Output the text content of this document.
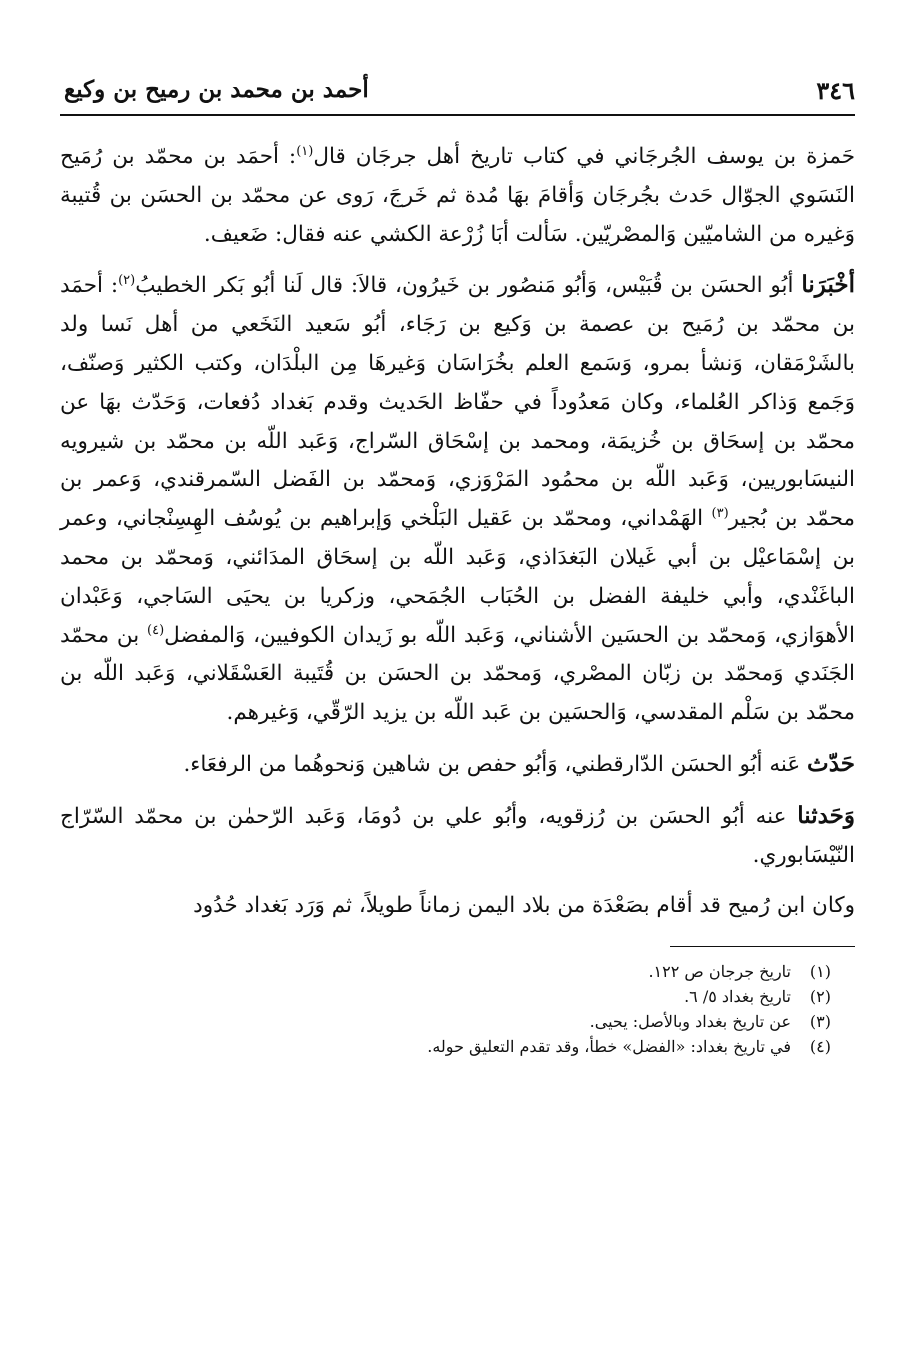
٣٤٦
أحمد بن محمد بن رميح بن وكيع

حَمزة بن يوسف الجُرجَاني في كتاب تاريخ أهل جرجَان قال$^{(١)}$: أحمَد بن محمّد بن رُمَيح النَسَوي الجوّال حَدث بجُرجَان وَأقامَ بهَا مُدة ثم خَرجَ، رَوى عن محمّد بن الحسَن بن قُتيبة وَغيره من الشاميّين وَالمصْريّين. سَألت أبَا زُرْعة الكشي عنه فقال: ضَعيف.

أخْبَرَنا أبُو الحسَن بن قُبَيْس، وَأبُو مَنصُور بن خَيرُون، قالاَ: قال لَنا أبُو بَكر الخطيبُ$^{(٢)}$: أحمَد بن محمّد بن رُمَيح بن عصمة بن وَكيع بن رَجَاء، أبُو سَعيد النَخَعي من أهل نَسا ولد بالشَرْمَقان، وَنشأ بمرو، وَسَمع العلم بخُرَاسَان وَغيرهَا مِن البلْدَان، وكتب الكثير وَصنّف، وَجَمع وَذاكر العُلماء، وكان مَعدُوداً في حفّاظ الحَديث وقدم بَغداد دُفعات، وَحَدّث بهَا عن محمّد بن إسحَاق بن خُزيمَة، ومحمد بن إسْحَاق السّراج، وَعَبد اللّه بن محمّد بن شيرويه النيسَابوريين، وَعَبد اللّه بن محمُود المَرْوَزي، وَمحمّد بن الفَضل السّمرقندي، وَعمر بن محمّد بن بُجير$^{(٣)}$ الهَمْداني، ومحمّد بن عَقيل البَلْخي وَإبراهيم بن يُوسُف الهِسِنْجاني، وعمر بن إسْمَاعيْل بن أبي غَيلان البَغدَاذي، وَعَبد اللّه بن إسحَاق المدَائني، وَمحمّد بن محمد الباغَنْدي، وأبي خليفة الفضل بن الحُبَاب الجُمَحي، وزكريا بن يحيَى السَاجي، وَعَبْدان الأهوَازي، وَمحمّد بن الحسَين الأشناني، وَعَبد اللّه بو زَيدان الكوفيين، وَالمفضل$^{(٤)}$ بن محمّد الجَنَدي وَمحمّد بن زبّان المصْري، وَمحمّد بن الحسَن بن قُتَيبة العَسْقَلاني، وَعَبد اللّه بن محمّد بن سَلْم المقدسي، وَالحسَين بن عَبد اللّه بن يزيد الرّقّي، وَغيرهم.

حَدّث عَنه أبُو الحسَن الدّارقطني، وَأبُو حفص بن شاهين وَنحوهُما من الرفعَاء.

وَحَدثنا عنه أبُو الحسَن بن رُزقويه، وأبُو علي بن دُومَا، وَعَبد الرّحمٰن بن محمّد السّرّاج النّيْسَابوري.

وكان ابن رُميح قد أقام بصَعْدَة من بلاد اليمن زماناً طويلاً، ثم وَرَد بَغداد حُدُود

(١)تاريخ جرجان ص ١٢٢.
(٢)تاريخ بغداد ٥/ ٦.
(٣)عن تاريخ بغداد وبالأصل: يحيى.
(٤)في تاريخ بغداد: «الفضل» خطأ، وقد تقدم التعليق حوله.
